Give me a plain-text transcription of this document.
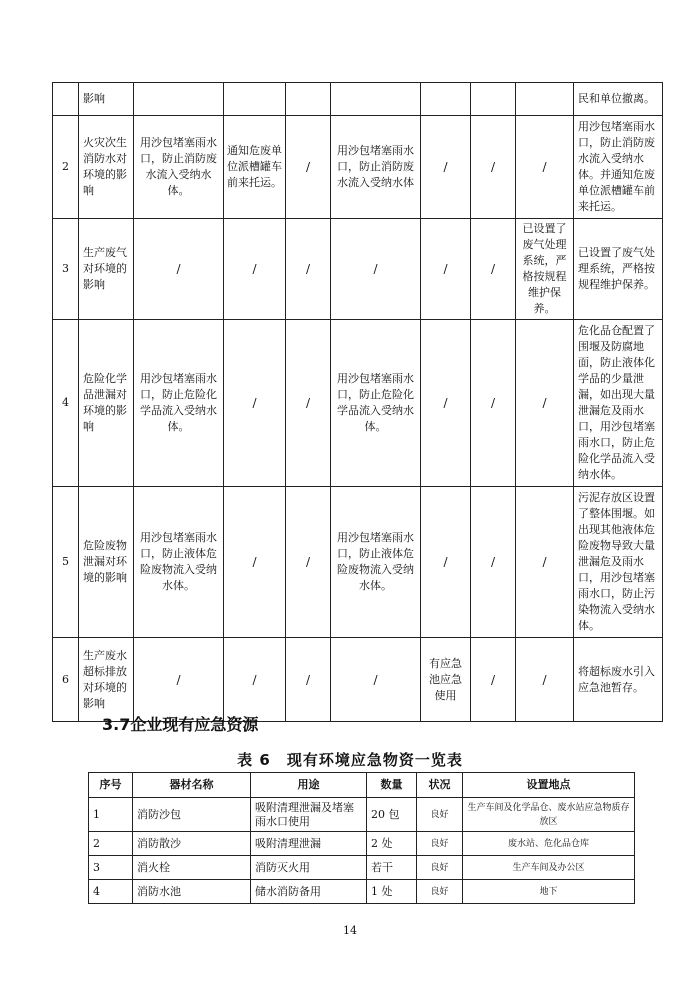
	影响								民和单位撤离。
2	火灾次生消防水对环境的影响	用沙包堵塞雨水口，防止消防废水流入受纳水体。	通知危废单位派槽罐车前来托运。	/	用沙包堵塞雨水口，防止消防废水流入受纳水体	/	/	/	用沙包堵塞雨水口，防止消防废水流入受纳水体。并通知危废单位派槽罐车前来托运。
3	生产废气对环境的影响	/	/	/	/	/	/	已设置了废气处理系统，严格按规程维护保养。	已设置了废气处理系统，严格按规程维护保养。
4	危险化学品泄漏对环境的影响	用沙包堵塞雨水口，防止危险化学品流入受纳水体。	/	/	用沙包堵塞雨水口，防止危险化学品流入受纳水体。	/	/	/	危化品仓配置了围堰及防腐地面，防止液体化学品的少量泄漏，如出现大量泄漏危及雨水口，用沙包堵塞雨水口，防止危险化学品流入受纳水体。
5	危险废物泄漏对环境的影响	用沙包堵塞雨水口，防止液体危险废物流入受纳水体。	/	/	用沙包堵塞雨水口，防止液体危险废物流入受纳水体。	/	/	/	污泥存放区设置了整体围堰。如出现其他液体危险废物导致大量泄漏危及雨水口，用沙包堵塞雨水口，防止污染物流入受纳水体。
6	生产废水超标排放对环境的影响	/	/	/	/	有应急池应急使用	/	/	将超标废水引入应急池暂存。
3.7企业现有应急资源
表 6　现有环境应急物资一览表
序号	器材名称	用途	数量	状况	设置地点
1	消防沙包	吸附清理泄漏及堵塞雨水口使用	20 包	良好	生产车间及化学品仓、废水站应急物质存放区
2	消防散沙	吸附清理泄漏	2 处	良好	废水站、危化品仓库
3	消火栓	消防灭火用	若干	良好	生产车间及办公区
4	消防水池	储水消防备用	1 处	良好	地下
14
